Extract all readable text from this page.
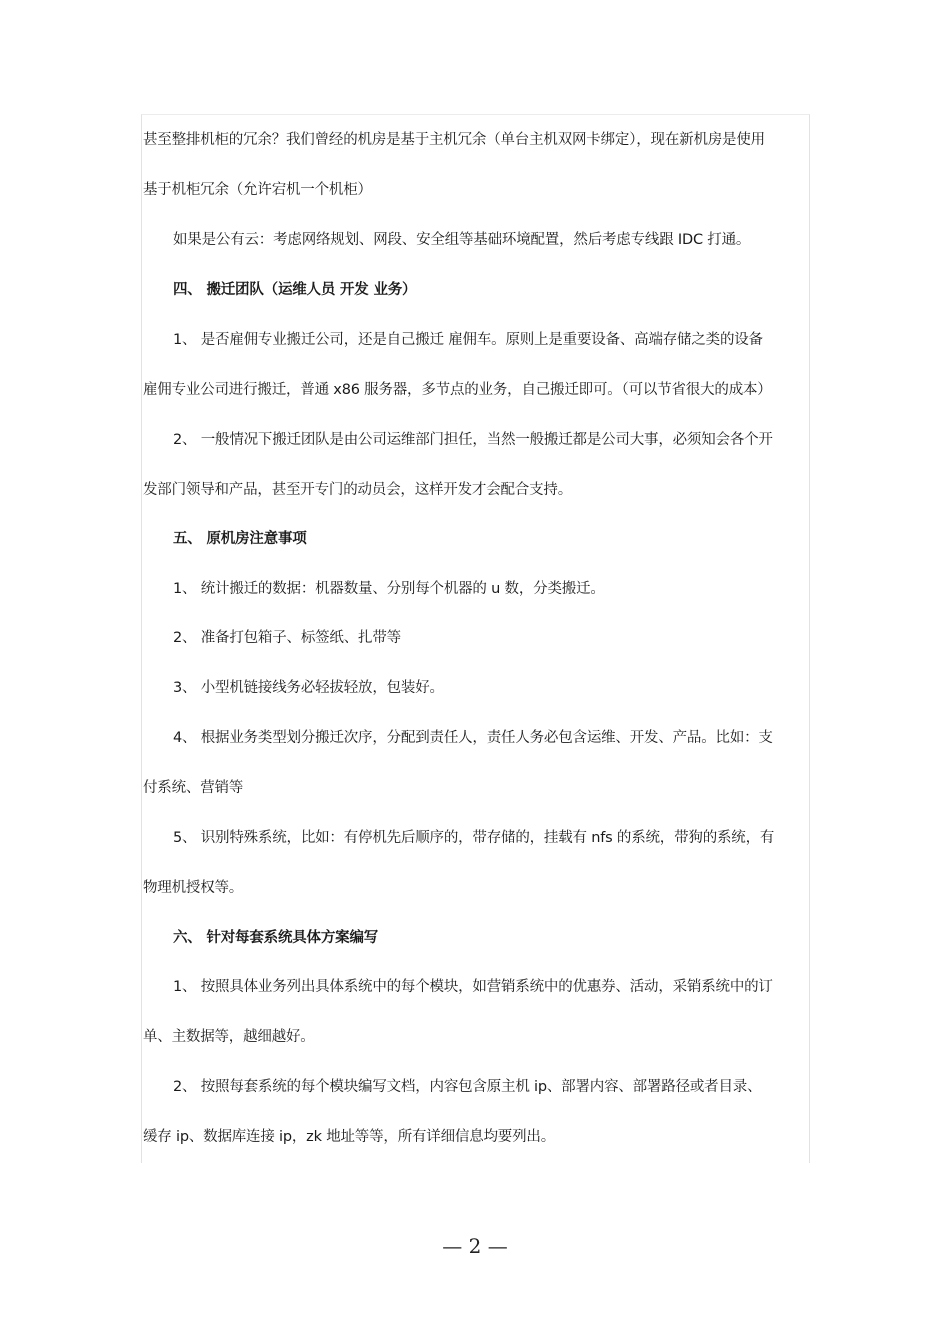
甚至整排机柜的冗余？我们曾经的机房是基于主机冗余（单台主机双网卡绑定），现在新机房是使用
基于机柜冗余（允许宕机一个机柜）
如果是公有云：考虑网络规划、网段、安全组等基础环境配置，然后考虑专线跟 IDC 打通。
四、 搬迁团队（运维人员 开发 业务）
1、 是否雇佣专业搬迁公司，还是自己搬迁 雇佣车。原则上是重要设备、高端存储之类的设备
雇佣专业公司进行搬迁，普通 x86 服务器，多节点的业务，自己搬迁即可。（可以节省很大的成本）
2、 一般情况下搬迁团队是由公司运维部门担任，当然一般搬迁都是公司大事，必须知会各个开
发部门领导和产品，甚至开专门的动员会，这样开发才会配合支持。
五、 原机房注意事项
1、 统计搬迁的数据：机器数量、分别每个机器的 u 数，分类搬迁。
2、 准备打包箱子、标签纸、扎带等
3、 小型机链接线务必轻拔轻放，包装好。
4、 根据业务类型划分搬迁次序，分配到责任人，责任人务必包含运维、开发、产品。比如：支
付系统、营销等
5、 识别特殊系统，比如：有停机先后顺序的，带存储的，挂载有 nfs 的系统，带狗的系统，有
物理机授权等。
六、 针对每套系统具体方案编写
1、 按照具体业务列出具体系统中的每个模块，如营销系统中的优惠券、活动，采销系统中的订
单、主数据等，越细越好。
2、 按照每套系统的每个模块编写文档，内容包含原主机 ip、部署内容、部署路径或者目录、
缓存 ip、数据库连接 ip，zk 地址等等，所有详细信息均要列出。
— 2 —
